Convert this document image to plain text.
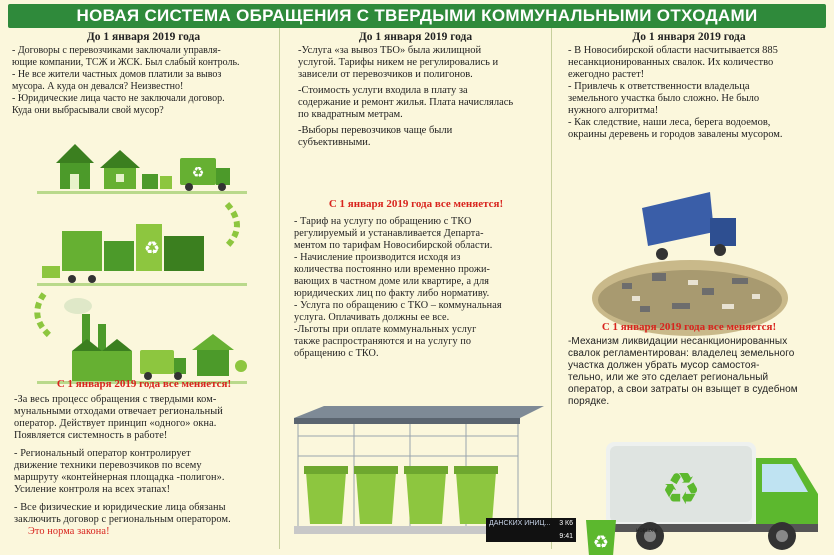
НОВАЯ СИСТЕМА ОБРАЩЕНИЯ С ТВЕРДЫМИ КОММУНАЛЬНЫМИ ОТХОДАМИ
До 1 января 2019 года

- Договоры с перевозчиками заключали управля-

ющие компании, ТСЖ и ЖСК. Был слабый контроль.

- Не все жители частных домов платили за вывоз

мусора. А куда он девался? Неизвестно!

- Юридические лица часто не заключали договор.

Куда они выбрасывали свой мусор?

♻
♻
С 1 января 2019 года все меняется!

-За весь процесс обращения с твердыми ком-

мунальными отходами отвечает региональный

оператор. Действует принцип «одного» окна.

Появляется системность в работе!

- Региональный оператор контролирует

движение техники перевозчиков по всему

маршруту «контейнерная площадка -полигон».

Усиление контроля на всех этапах!

- Все физические и юридические лица обязаны

заключить договор с региональным оператором.

Это норма закона!

До 1 января 2019 года

-Услуга «за вывоз ТБО» была жилищной

услугой. Тарифы никем не регулировались и

зависели от перевозчиков и полигонов.

-Стоимость услуги входила в плату за

содержание и ремонт жилья. Плата начислялась

по квадратным метрам.

-Выборы перевозчиков чаще были

субъективными.

С 1 января 2019 года все меняется!

- Тариф на услугу по обращению с ТКО

регулируемый и устанавливается Департа-

ментом по тарифам Новосибирской области.

- Начисление производится исходя из

количества постоянно или временно прожи-

вающих в частном доме или квартире, а для

юридических лиц по факту либо нормативу.

- Услуга по обращению с ТКО – коммунальная

услуга. Оплачивать должны ее все.

-Льготы при оплате коммунальных услуг

также распространяются и на услугу по

обращению с ТКО.

ДАНСКИХ ИНИЦ... 3 К6
9:41
До 1 января 2019 года

- В Новосибирской области насчитывается 885

несанкционированных свалок. Их количество

ежегодно растет!

- Привлечь к ответственности владельца

земельного участка было сложно. Не было

нужного алгоритма!

- Как следствие, наши леса, берега водоемов,

окраины деревень и городов завалены мусором.

С 1 января 2019 года все меняется!

-Механизм ликвидации несанкционированных

свалок регламентирован: владелец земельного

участка должен убрать мусор самостоя-

тельно, или же это сделает региональный

оператор, а свои затраты он взыщет в судебном

порядке.

♻
♻
новых к
